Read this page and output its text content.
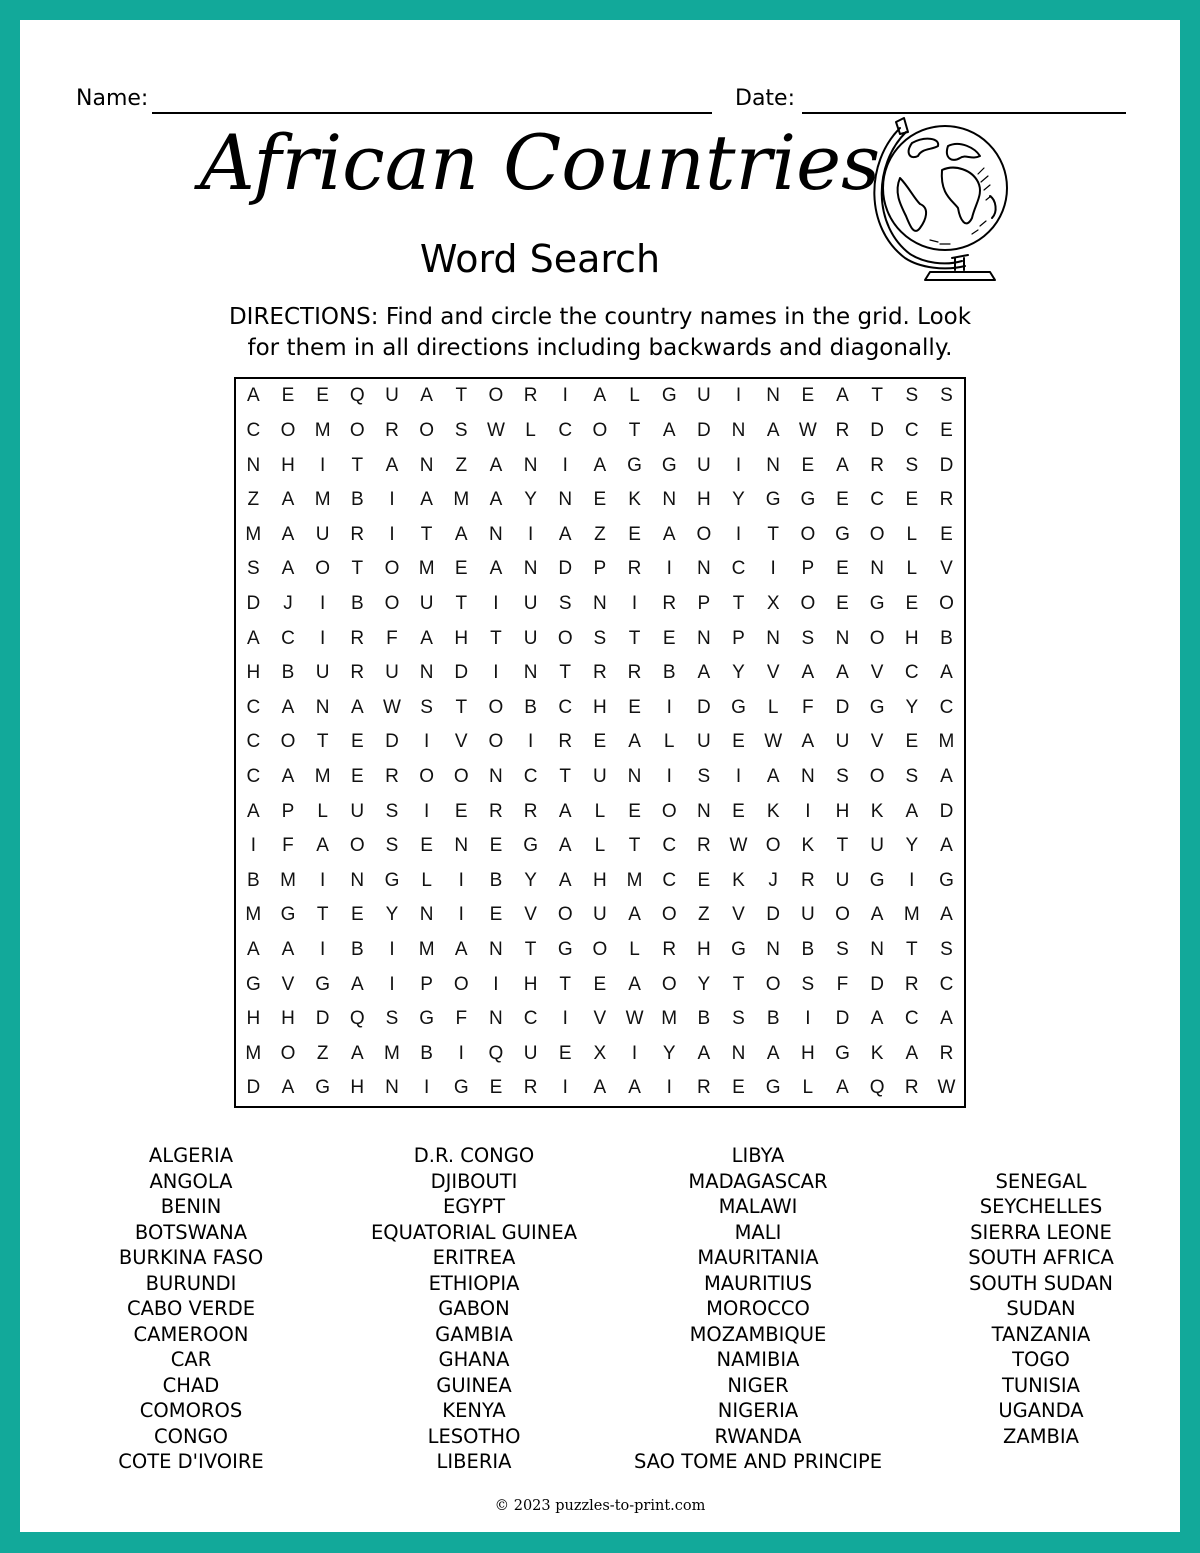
Name:	Date:
African Countries
Word Search
DIRECTIONS: Find and circle the country names in the grid. Look
for them in all directions including backwards and diagonally.
A	E	E	Q	U	A	T	O	R	I	A	L	G	U	I	N	E	A	T	S	S
C	O	M	O	R	O	S	W	L	C	O	T	A	D	N	A	W R	D	C	E
N	H	I	T	A	N	Z	A	N	I	A	G	G	U	I	N	E	A	R	S	D
Z	A	M	B	I	A	M	A	Y	N	E	K	N	H	Y	G	G	E	C	E	R
M	A	U	R	I	T	A	N	I	A	Z	E	A	O	I	T	O	G	O	L	E
S	A	O	T	O	M	E	A	N	D	P	R	I	N	C	I	P	E	N	L	V
D	J	I	B	O	U	T	I	U	S	N	I	R	P	T	X	O	E	G	E	O
A	C	I	R	F	A	H	T	U	O	S	T	E	N	P	N	S	N	O	H	B
H	B	U	R	U	N	D	I	N	T	R	R	B	A	Y	V	A	A	V	C	A
C	A	N	A	W	S	T	O	B	C	H	E	I	D	G	L	F	D	G	Y	C
C	O	T	E	D	I	V	O	I	R	E	A	L	U	E	W	A	U	V	E	M
C	A	M	E	R	O	O	N	C	T	U	N	I	S	I	A	N	S	O	S	A
A	P	L	U	S	I	E	R	R	A	L	E	O	N	E	K	I	H	K	A	D
I	F	A	O	S	E	N	E	G	A	L	T	C	R W O	K	T	U	Y	A
B	M	I	N	G	L	I	B	Y	A	H	M	C	E	K	J	R	U	G	I	G
M	G	T	E	Y	N	I	E	V	O	U	A	O	Z	V	D	U	O	A	M	A
A	A	I	B	I	M	A	N	T	G	O	L	R	H	G	N	B	S	N	T	S
G	V	G	A	I	P	O	I	H	T	E	A	O	Y	T	O	S	F	D	R	C
H	H	D	Q	S	G	F	N	C	I	V	W M	B	S	B	I	D	A	C	A
M	O	Z	A	M	B	I	Q	U	E	X	I	Y	A	N	A	H	G	K	A	R
D	A	G	H	N	I	G	E	R	I	A	A	I	R	E	G	L	A	Q	R W
ALGERIA
ANGOLA
BENIN
BOTSWANA
BURKINA FASO
BURUNDI
CABO VERDE
CAMEROON
CAR
CHAD
COMOROS
CONGO
COTE D'IVOIRE
D.R. CONGO
DJIBOUTI
EGYPT
EQUATORIAL GUINEA
ERITREA
ETHIOPIA
GABON
GAMBIA
GHANA
GUINEA
KENYA
LESOTHO
LIBERIA
LIBYA
MADAGASCAR
MALAWI
MALI
MAURITANIA
MAURITIUS
MOROCCO
MOZAMBIQUE
NAMIBIA
NIGER
NIGERIA
RWANDA
SAO TOME AND PRINCIPE
SENEGAL
SEYCHELLES
SIERRA LEONE
SOUTH AFRICA
SOUTH SUDAN
SUDAN
TANZANIA
TOGO
TUNISIA
UGANDA
ZAMBIA
© 2023 puzzles-to-print.com
